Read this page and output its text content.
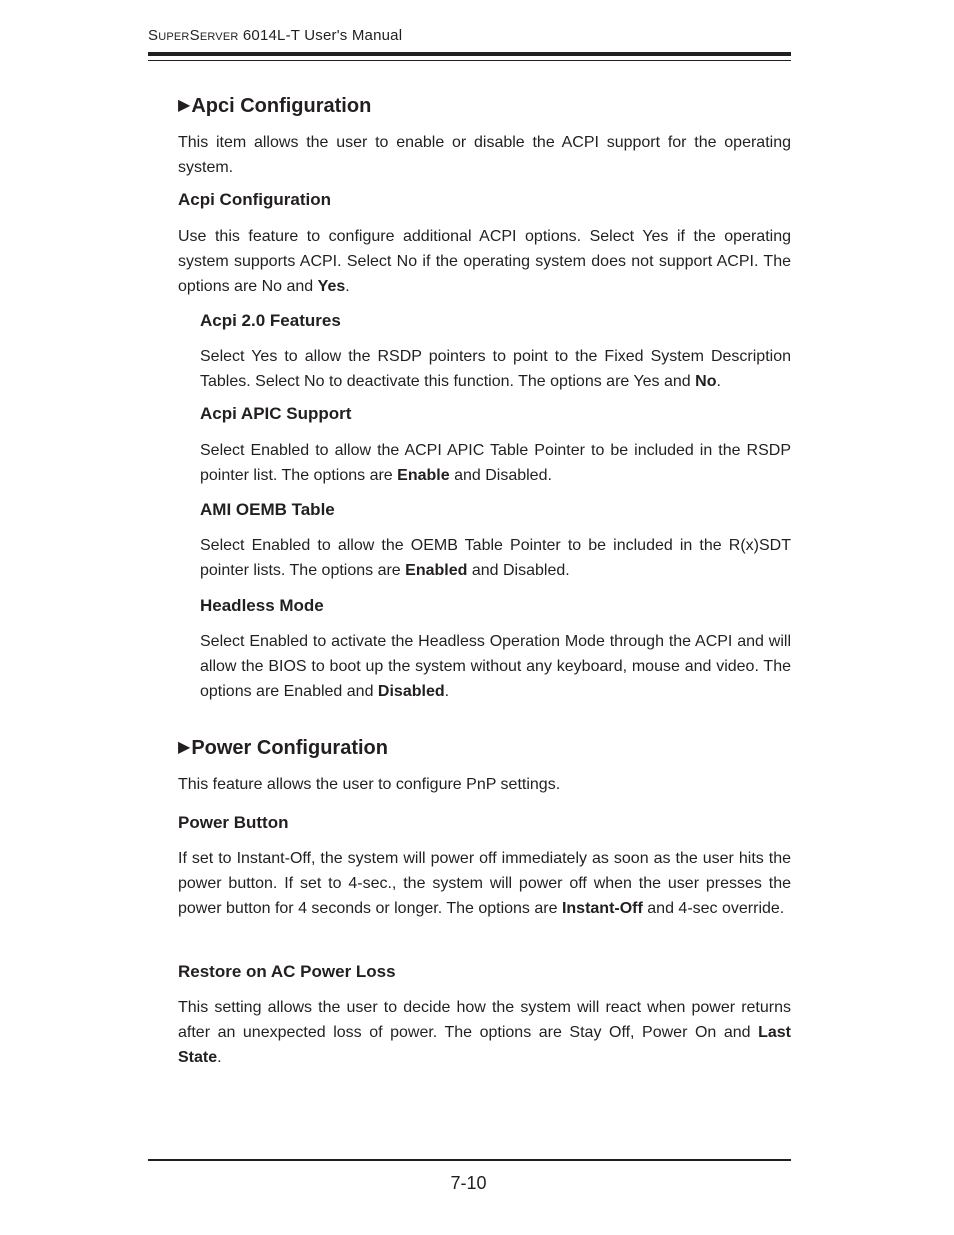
SUPERSERVER 6014L-T User's Manual
▶ Apci Configuration

This item allows the user to enable or disable the ACPI support for the operating system.

Acpi Configuration

Use this feature to configure additional ACPI options. Select Yes if the operating system supports ACPI. Select No if the operating system does not support ACPI. The options are No and Yes.

Acpi 2.0 Features

Select Yes to allow the RSDP pointers to point to the Fixed System Description Tables. Select No to deactivate this function. The options are Yes and No.

Acpi APIC Support

Select Enabled to allow the ACPI APIC Table Pointer to be included in the RSDP pointer list. The options are Enable and Disabled.

AMI OEMB Table

Select Enabled to allow the OEMB Table Pointer to be included in the R(x)SDT pointer lists. The options are Enabled and Disabled.

Headless Mode

Select Enabled to activate the Headless Operation Mode through the ACPI and will allow the BIOS to boot up the system without any keyboard, mouse and video. The options are Enabled and Disabled.

▶ Power Configuration

This feature allows the user to configure PnP settings.

Power Button

If set to Instant-Off, the system will power off immediately as soon as the user hits the power button. If set to 4-sec., the system will power off when the user presses the power button for 4 seconds or longer. The options are Instant-Off and 4-sec override.

Restore on AC Power Loss

This setting allows the user to decide how the system will react when power returns after an unexpected loss of power. The options are Stay Off, Power On and Last State.

7-10
